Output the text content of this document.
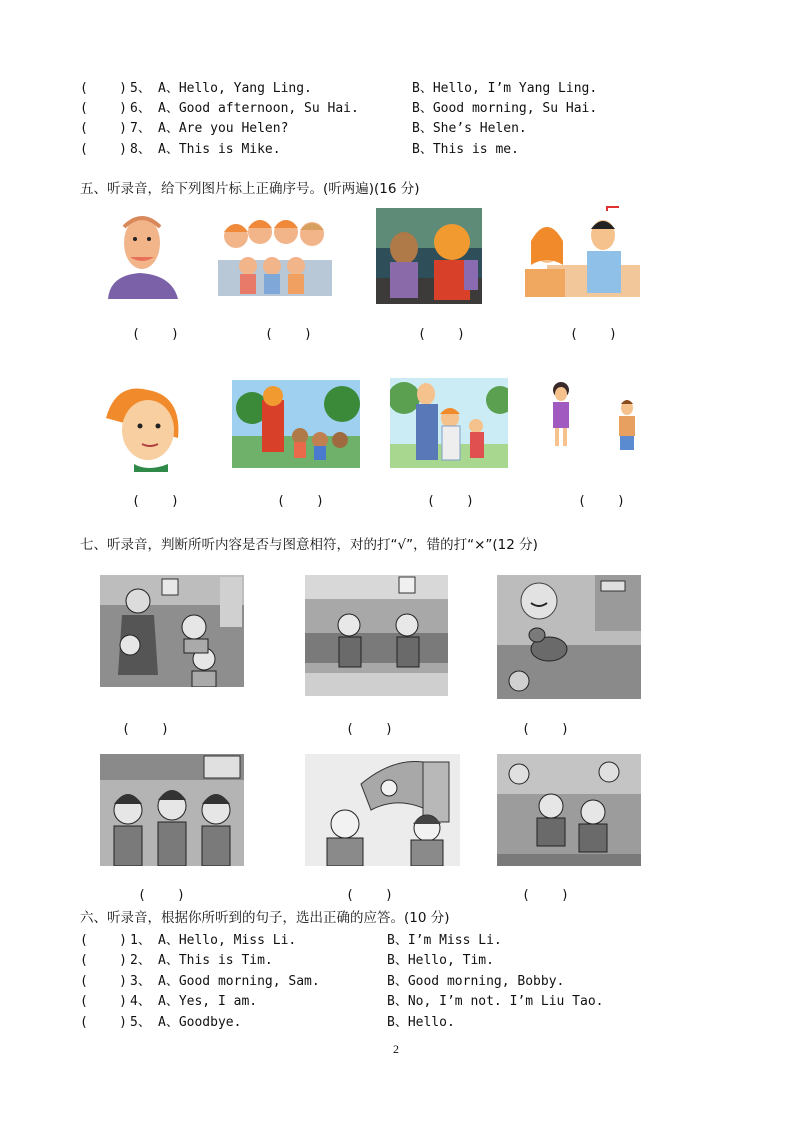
(    ) 5、 A、Hello, Yang Ling.	B、Hello, I’m Yang Ling.
(    ) 6、 A、Good afternoon, Su Hai.	B、Good morning, Su Hai.
(    ) 7、 A、Are you Helen?	B、She’s Helen.
(    ) 8、 A、This is Mike.	B、This is me.
五、听录音，给下列图片标上正确序号。(听两遍)(16 分)
(    )	(    )	(    )	(    )
(    )	(    )	(    )	(    )
七、听录音，判断所听内容是否与图意相符，对的打“√”，错的打“×”(12 分)
(    )	(    )	(    )
(    )	(    )	(    )
六、听录音，根据你所听到的句子，选出正确的应答。(10 分)
(    ) 1、 A、Hello, Miss Li.	B、I’m Miss Li.
(    ) 2、 A、This is Tim.	B、Hello, Tim.
(    ) 3、 A、Good morning, Sam.	B、Good morning, Bobby.
(    ) 4、 A、Yes, I am.	B、No, I’m not. I’m Liu Tao.
(    ) 5、 A、Goodbye.	B、Hello.
2
